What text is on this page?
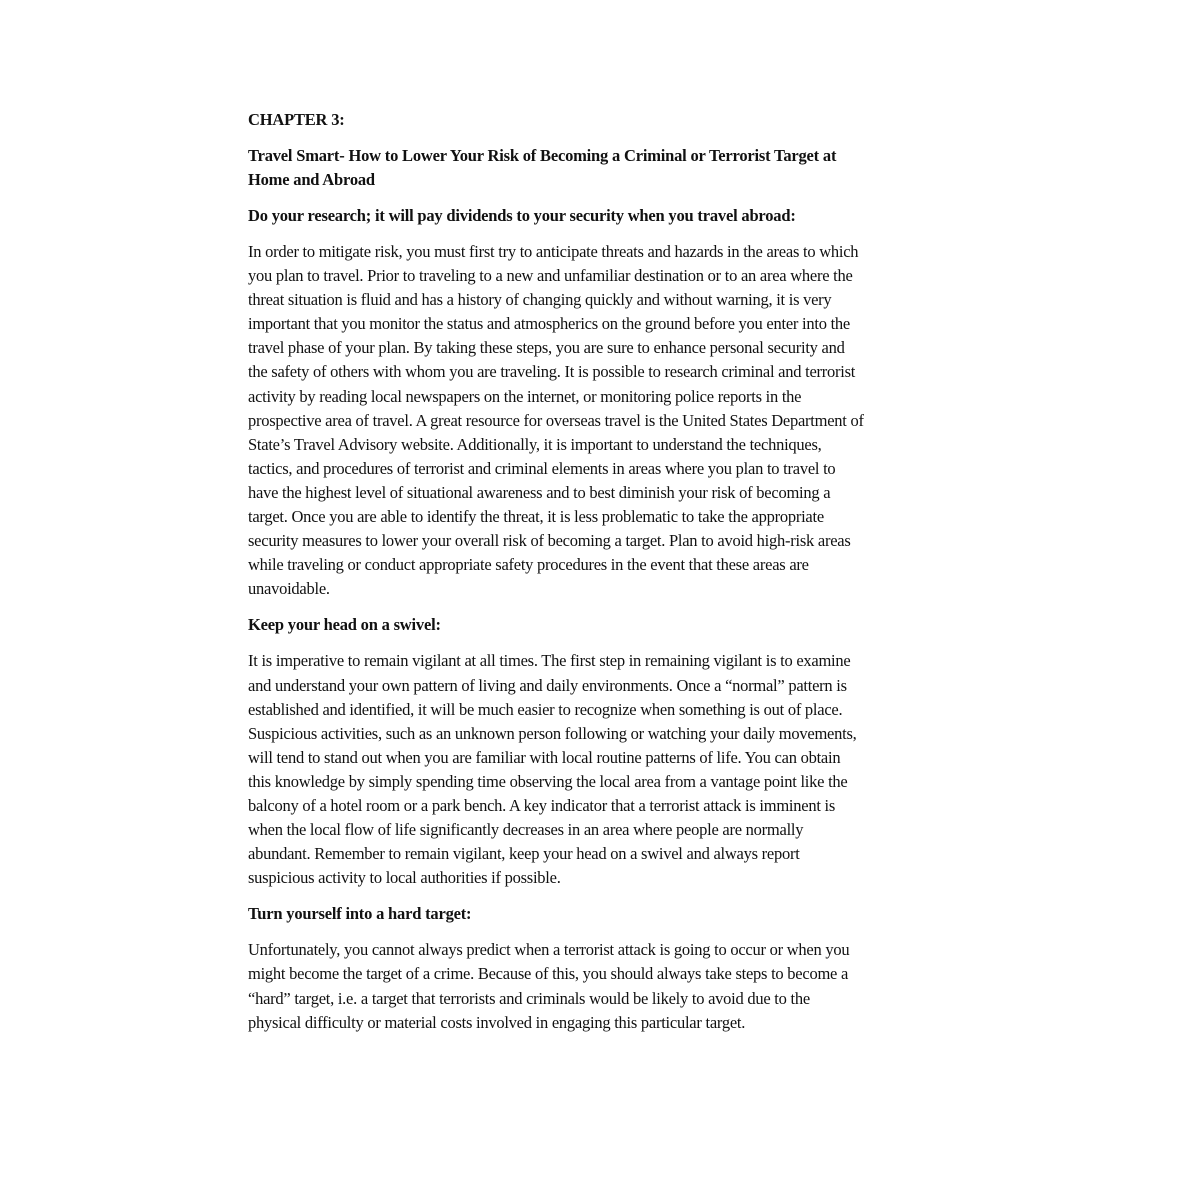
CHAPTER 3:
Travel Smart- How to Lower Your Risk of Becoming a Criminal or Terrorist Target at
Home and Abroad
Do your research; it will pay dividends to your security when you travel abroad:
In order to mitigate risk, you must first try to anticipate threats and hazards in the areas to which
you plan to travel. Prior to traveling to a new and unfamiliar destination or to an area where the
threat situation is fluid and has a history of changing quickly and without warning, it is very
important that you monitor the status and atmospherics on the ground before you enter into the
travel phase of your plan. By taking these steps, you are sure to enhance personal security and
the safety of others with whom you are traveling. It is possible to research criminal and terrorist
activity by reading local newspapers on the internet, or monitoring police reports in the
prospective area of travel. A great resource for overseas travel is the United States Department of
State’s Travel Advisory website. Additionally, it is important to understand the techniques,
tactics, and procedures of terrorist and criminal elements in areas where you plan to travel to
have the highest level of situational awareness and to best diminish your risk of becoming a
target. Once you are able to identify the threat, it is less problematic to take the appropriate
security measures to lower your overall risk of becoming a target. Plan to avoid high-risk areas
while traveling or conduct appropriate safety procedures in the event that these areas are
unavoidable.
Keep your head on a swivel:
It is imperative to remain vigilant at all times. The first step in remaining vigilant is to examine
and understand your own pattern of living and daily environments. Once a “normal” pattern is
established and identified, it will be much easier to recognize when something is out of place.
Suspicious activities, such as an unknown person following or watching your daily movements,
will tend to stand out when you are familiar with local routine patterns of life. You can obtain
this knowledge by simply spending time observing the local area from a vantage point like the
balcony of a hotel room or a park bench. A key indicator that a terrorist attack is imminent is
when the local flow of life significantly decreases in an area where people are normally
abundant. Remember to remain vigilant, keep your head on a swivel and always report
suspicious activity to local authorities if possible.
Turn yourself into a hard target:
Unfortunately, you cannot always predict when a terrorist attack is going to occur or when you
might become the target of a crime. Because of this, you should always take steps to become a
“hard” target, i.e. a target that terrorists and criminals would be likely to avoid due to the
physical difficulty or material costs involved in engaging this particular target.
